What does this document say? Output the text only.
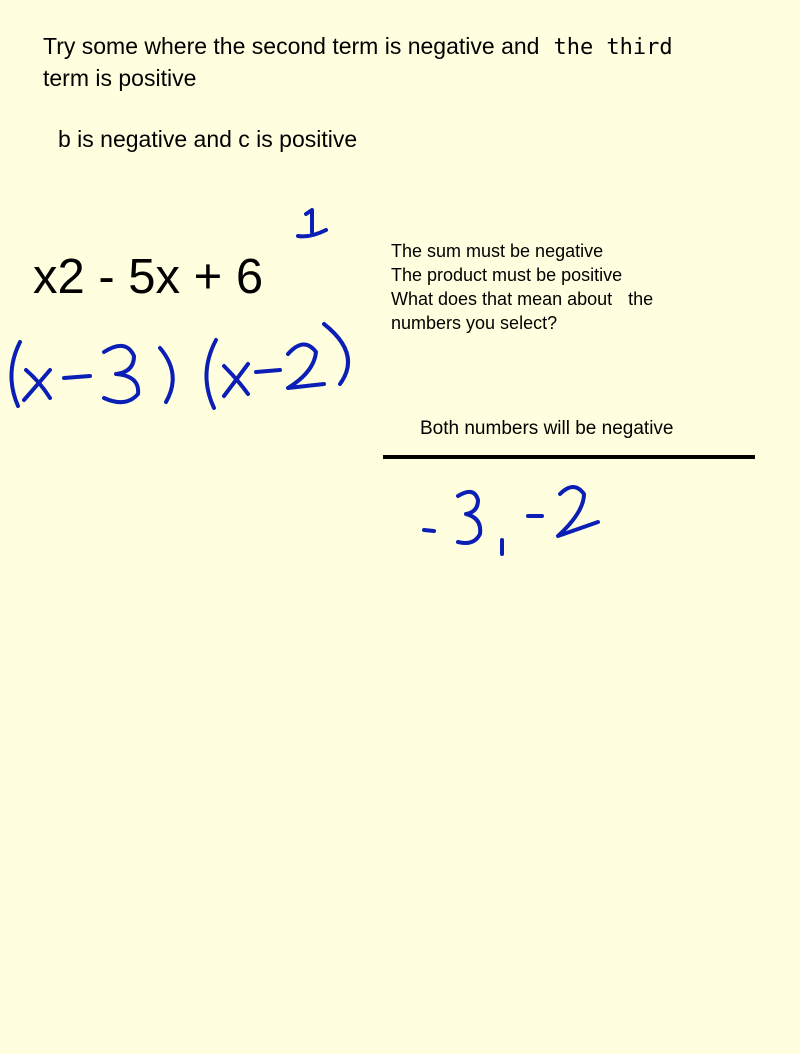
Try some where the second term is negative and the third
term is positive
b is negative and c is positive
x2 - 5x + 6	The sum must be negative
The product must be positive
What does that mean about the
numbers you select?
Both numbers will be negative
